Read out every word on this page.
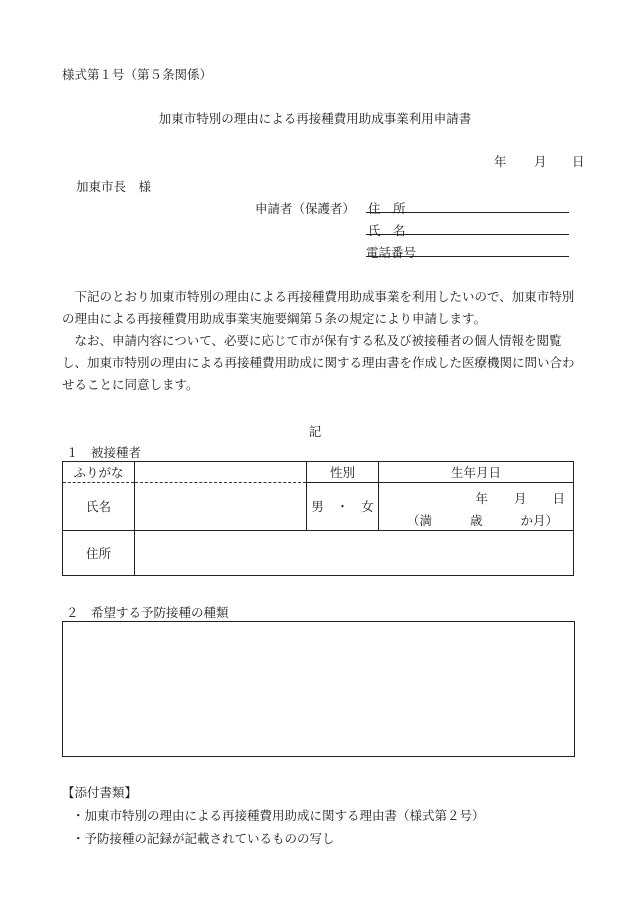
様式第１号（第５条関係）
加東市特別の理由による再接種費用助成事業利用申請書
年 月 日
加東市長　様
申請者（保護者） 住　所
氏　名
電話番号

下記のとおり加東市特別の理由による再接種費用助成事業を利用したいので、加東市特別の理由による再接種費用助成事業実施要綱第５条の規定により申請します。

なお、申請内容について、必要に応じて市が保有する私及び被接種者の個人情報を閲覧し、加東市特別の理由による再接種費用助成に関する理由書を作成した医療機関に問い合わせることに同意します。

記
１　被接種者
ふりがな		性別	生年月日
氏名		男　・　女	年 月 日
（満 歳 か月）

住所			
２　希望する予防接種の種類
【添付書類】
・加東市特別の理由による再接種費用助成に関する理由書（様式第２号）
・予防接種の記録が記載されているものの写し
